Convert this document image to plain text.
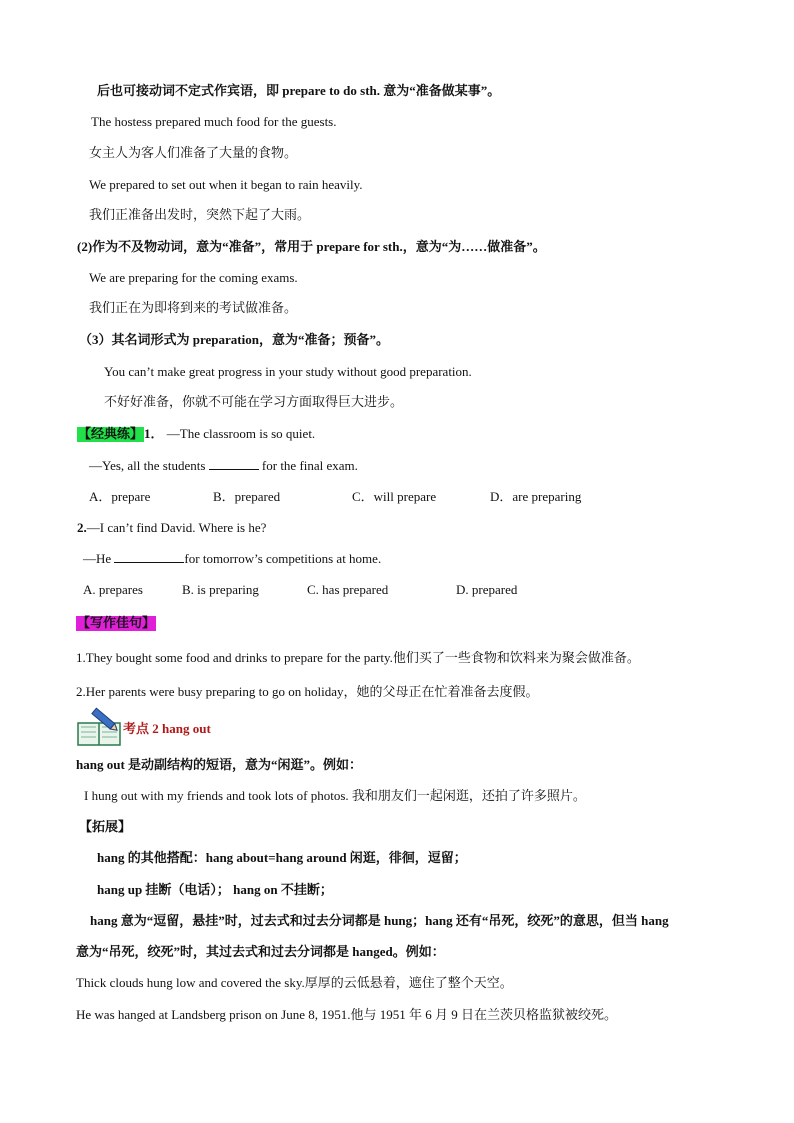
后也可接动词不定式作宾语，即 prepare to do sth. 意为“准备做某事”。
The hostess prepared much food for the guests.
女主人为客人们准备了大量的食物。
We prepared to set out when it began to rain heavily.
我们正准备出发时，突然下起了大雨。
(2)作为不及物动词，意为“准备”，常用于 prepare for sth.，意为“为……做准备”。
We are preparing for the coming exams.
我们正在为即将到来的考试做准备。
（3）其名词形式为 preparation，意为“准备；预备”。
You can’t make great progress in your study without good preparation.
不好好准备，你就不可能在学习方面取得巨大进步。
【经典练】1． —The classroom is so quiet.
—Yes, all the students	for the final exam.
A．prepare	B．prepared	C．will prepare	D．are preparing
2.—I can’t find David. Where is he?
—He	for tomorrow’s competitions at home.
A. prepares	B. is preparing	C. has prepared	D. prepared
【写作佳句】
1.They bought some food and drinks to prepare for the party.他们买了一些食物和饮料来为聚会做准备。
2.Her parents were busy preparing to go on holiday，她的父母正在忙着准备去度假。
考点 2 hang out
hang out 是动副结构的短语，意为“闲逛”。例如：
I hung out with my friends and took lots of photos. 我和朋友们一起闲逛，还拍了许多照片。
【拓展】
hang 的其他搭配：hang about=hang around 闲逛，徘徊，逗留；
hang up 挂断（电话）； hang on 不挂断；
hang 意为“逗留，悬挂”时，过去式和过去分词都是 hung；hang 还有“吊死，绞死”的意思，但当 hang
意为“吊死，绞死”时，其过去式和过去分词都是 hanged。例如：
Thick clouds hung low and covered the sky.厚厚的云低悬着，遮住了整个天空。
He was hanged at Landsberg prison on June 8, 1951.他与 1951 年 6 月 9 日在兰茨贝格监狱被绞死。
